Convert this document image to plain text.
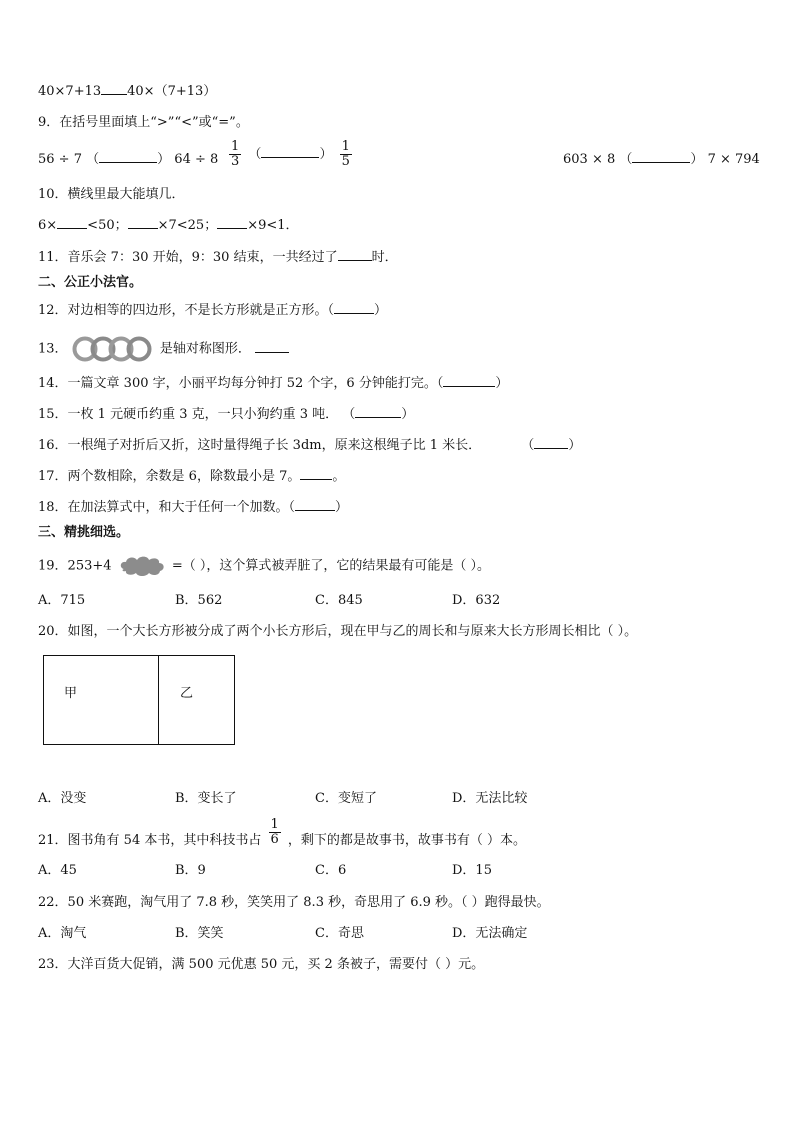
40×7+13 40×（7+13）
9．在括号里面填上“>”“<”或“=”。
56 ÷ 7 （	） $64 \div 8 \frac{1}{3}$ （	） $\frac{1}{5}$	603 × 8 （	） 7 × 794
10．横线里最大能填几．
6× <50； ×7<25； ×9<1．
11．音乐会 7：30 开始，9：30 结束，一共经过了	时．
二、公正小法官。
12．对边相等的四边形，不是长方形就是正方形。（	）
13．	是轴对称图形．
14．一篇文章 300 字，小丽平均每分钟打 52 个字，6 分钟能打完。（	）
15．一枚 1 元硬币约重 3 克，一只小狗约重 3 吨． （	）
16．一根绳子对折后又折，这时量得绳子长 3dm，原来这根绳子比 1 米长．	（	）
17．两个数相除，余数是 6，除数最小是 7。 。
18．在加法算式中，和大于任何一个加数。（	）
三、精挑细选。
19．253+4	=（ ），这个算式被弄脏了，它的结果最有可能是（ ）。
A．715	B．562	C．845	D．632
20．如图，一个大长方形被分成了两个小长方形后，现在甲与乙的周长和与原来大长方形周长相比（ ）。
甲	乙
A．没变	B．变长了	C．变短了	D．无法比较
21．图书角有 54 本书，其中科技书占 $\frac{1}{6}$ ，剩下的都是故事书，故事书有（ ）本。
A．45	B．9	C．6	D．15
22．50 米赛跑，淘气用了 7.8 秒，笑笑用了 8.3 秒，奇思用了 6.9 秒。（ ）跑得最快。
A．淘气	B．笑笑	C．奇思	D．无法确定
23．大洋百货大促销，满 500 元优惠 50 元，买 2 条被子，需要付（ ）元。
